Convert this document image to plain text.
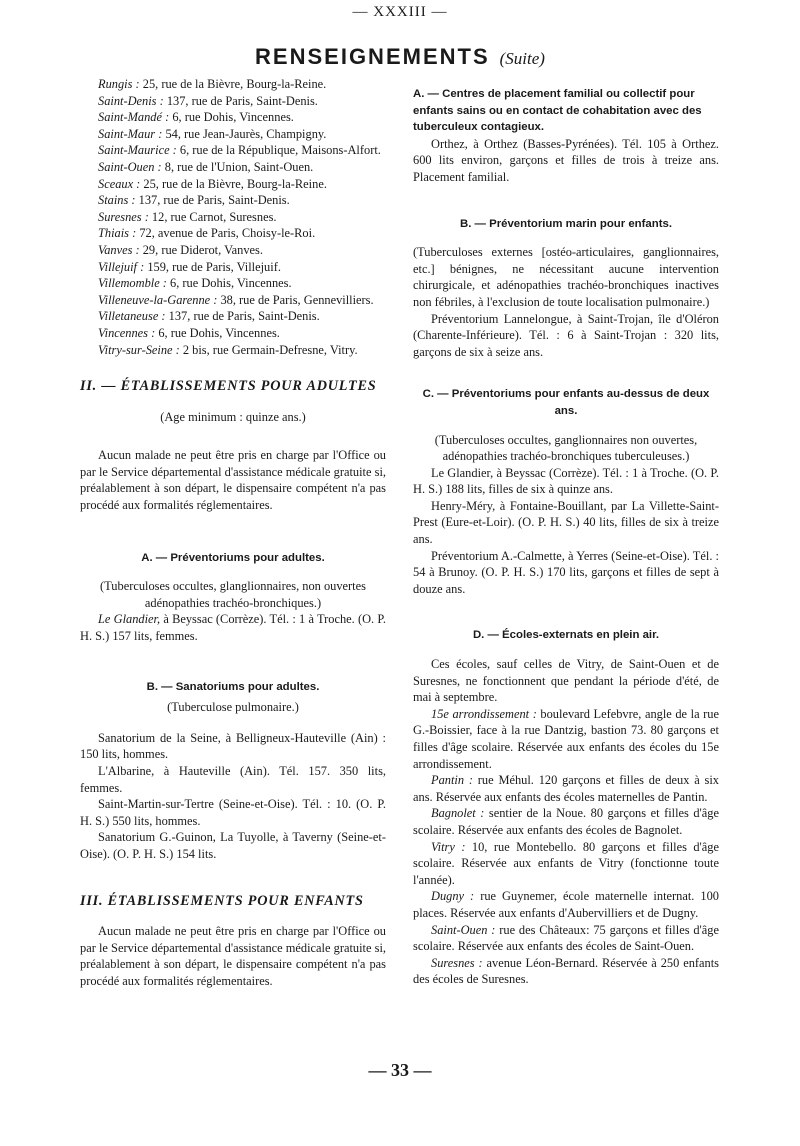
— XXXIII —
RENSEIGNEMENTS (Suite)

Rungis : 25, rue de la Bièvre, Bourg-la-Reine.

Saint-Denis : 137, rue de Paris, Saint-Denis.

Saint-Mandé : 6, rue Dohis, Vincennes.

Saint-Maur : 54, rue Jean-Jaurès, Champigny.

Saint-Maurice : 6, rue de la République, Maisons-Alfort.

Saint-Ouen : 8, rue de l'Union, Saint-Ouen.

Sceaux : 25, rue de la Bièvre, Bourg-la-Reine.

Stains : 137, rue de Paris, Saint-Denis.

Suresnes : 12, rue Carnot, Suresnes.

Thiais : 72, avenue de Paris, Choisy-le-Roi.

Vanves : 29, rue Diderot, Vanves.

Villejuif : 159, rue de Paris, Villejuif.

Villemomble : 6, rue Dohis, Vincennes.

Villeneuve-la-Garenne : 38, rue de Paris, Gennevilliers.

Villetaneuse : 137, rue de Paris, Saint-Denis.

Vincennes : 6, rue Dohis, Vincennes.

Vitry-sur-Seine : 2 bis, rue Germain-Defresne, Vitry.

II. — ÉTABLISSEMENTS POUR ADULTES

(Age minimum : quinze ans.)

Aucun malade ne peut être pris en charge par l'Office ou par le Service départemental d'assistance médicale gratuite si, préalablement à son départ, le dispensaire compétent n'a pas procédé aux formalités réglementaires.

A. — Préventoriums pour adultes.

(Tuberculoses occultes, glanglionnaires, non ouvertes adénopathies trachéo-bronchiques.)

Le Glandier, à Beyssac (Corrèze). Tél. : 1 à Troche. (O. P. H. S.) 157 lits, femmes.

B. — Sanatoriums pour adultes.

(Tuberculose pulmonaire.)

Sanatorium de la Seine, à Belligneux-Hauteville (Ain) : 150 lits, hommes.

L'Albarine, à Hauteville (Ain). Tél. 157. 350 lits, femmes.

Saint-Martin-sur-Tertre (Seine-et-Oise). Tél. : 10. (O. P. H. S.) 550 lits, hommes.

Sanatorium G.-Guinon, La Tuyolle, à Taverny (Seine-et-Oise). (O. P. H. S.) 154 lits.

III. ÉTABLISSEMENTS POUR ENFANTS

Aucun malade ne peut être pris en charge par l'Office ou par le Service départemental d'assistance médicale gratuite si, préalablement à son départ, le dispensaire compétent n'a pas procédé aux formalités réglementaires.

A. — Centres de placement familial ou collectif pour enfants sains ou en contact de cohabitation avec des tuberculeux contagieux.

Orthez, à Orthez (Basses-Pyrénées). Tél. 105 à Orthez. 600 lits environ, garçons et filles de trois à treize ans. Placement familial.

B. — Préventorium marin pour enfants.

(Tuberculoses externes [ostéo-articulaires, ganglionnaires, etc.] bénignes, ne nécessitant aucune intervention chirurgicale, et adénopathies trachéo-bronchiques inactives non fébriles, à l'exclusion de toute localisation pulmonaire.)

Préventorium Lannelongue, à Saint-Trojan, île d'Oléron (Charente-Inférieure). Tél. : 6 à Saint-Trojan : 320 lits, garçons de six à seize ans.

C. — Préventoriums pour enfants au-dessus de deux ans.

(Tuberculoses occultes, ganglionnaires non ouvertes, adénopathies trachéo-bronchiques tuberculeuses.)

Le Glandier, à Beyssac (Corrèze). Tél. : 1 à Troche. (O. P. H. S.) 188 lits, filles de six à quinze ans.

Henry-Méry, à Fontaine-Bouillant, par La Villette-Saint-Prest (Eure-et-Loir). (O. P. H. S.) 40 lits, filles de six à treize ans.

Préventorium A.-Calmette, à Yerres (Seine-et-Oise). Tél. : 54 à Brunoy. (O. P. H. S.) 170 lits, garçons et filles de sept à douze ans.

D. — Écoles-externats en plein air.

Ces écoles, sauf celles de Vitry, de Saint-Ouen et de Suresnes, ne fonctionnent que pendant la période d'été, de mai à septembre.

15e arrondissement : boulevard Lefebvre, angle de la rue G.-Boissier, face à la rue Dantzig, bastion 73. 80 garçons et filles d'âge scolaire. Réservée aux enfants des écoles du 15e arrondissement.

Pantin : rue Méhul. 120 garçons et filles de deux à six ans. Réservée aux enfants des écoles maternelles de Pantin.

Bagnolet : sentier de la Noue. 80 garçons et filles d'âge scolaire. Réservée aux enfants des écoles de Bagnolet.

Vitry : 10, rue Montebello. 80 garçons et filles d'âge scolaire. Réservée aux enfants de Vitry (fonctionne toute l'année).

Dugny : rue Guynemer, école maternelle internat. 100 places. Réservée aux enfants d'Aubervilliers et de Dugny.

Saint-Ouen : rue des Châteaux: 75 garçons et filles d'âge scolaire. Réservée aux enfants des écoles de Saint-Ouen.

Suresnes : avenue Léon-Bernard. Réservée à 250 enfants des écoles de Suresnes.

— 33 —
